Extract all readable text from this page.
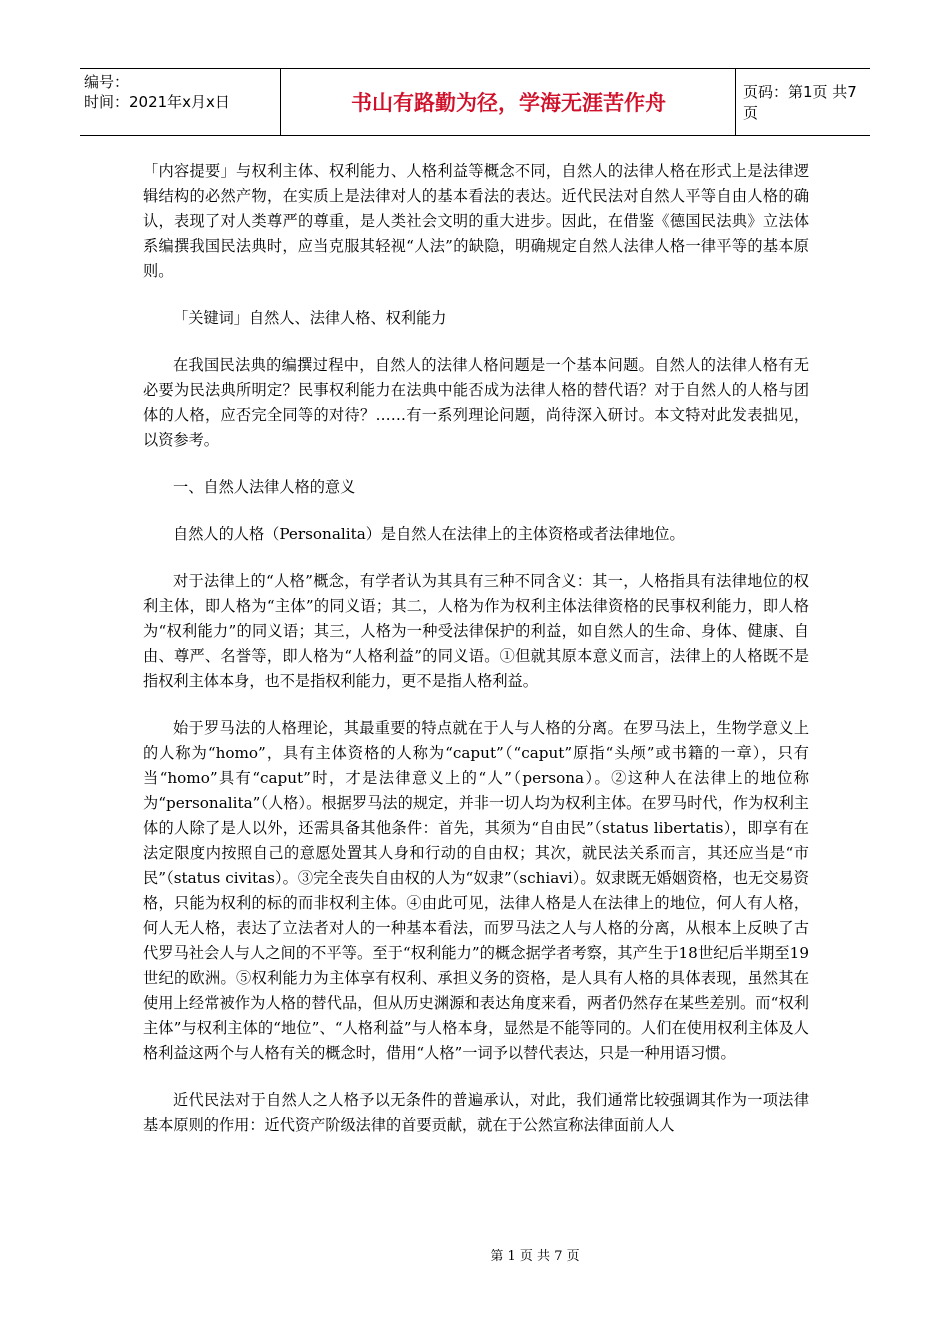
编号：
时间：2021年x月x日	书山有路勤为径，学海无涯苦作舟	页码：第1页 共7页

「内容提要」与权利主体、权利能力、人格利益等概念不同，自然人的法律人格在形式上是法律逻辑结构的必然产物，在实质上是法律对人的基本看法的表达。近代民法对自然人平等自由人格的确认，表现了对人类尊严的尊重，是人类社会文明的重大进步。因此，在借鉴《德国民法典》立法体系编撰我国民法典时，应当克服其轻视“人法”的缺隐，明确规定自然人法律人格一律平等的基本原则。

「关键词」自然人、法律人格、权利能力

在我国民法典的编撰过程中，自然人的法律人格问题是一个基本问题。自然人的法律人格有无必要为民法典所明定？民事权利能力在法典中能否成为法律人格的替代语？对于自然人的人格与团体的人格，应否完全同等的对待？……有一系列理论问题，尚待深入研讨。本文特对此发表拙见，以资参考。

一、自然人法律人格的意义

自然人的人格（Personalita）是自然人在法律上的主体资格或者法律地位。

对于法律上的“人格”概念，有学者认为其具有三种不同含义：其一，人格指具有法律地位的权利主体，即人格为“主体”的同义语；其二，人格为作为权利主体法律资格的民事权利能力，即人格为“权利能力”的同义语；其三，人格为一种受法律保护的利益，如自然人的生命、身体、健康、自由、尊严、名誉等，即人格为“人格利益”的同义语。①但就其原本意义而言，法律上的人格既不是指权利主体本身，也不是指权利能力，更不是指人格利益。

始于罗马法的人格理论，其最重要的特点就在于人与人格的分离。在罗马法上，生物学意义上的人称为“homo”，具有主体资格的人称为“caput”（“caput”原指“头颅”或书籍的一章），只有当“homo”具有“caput”时，才是法律意义上的“人”（persona）。②这种人在法律上的地位称为“personalita”（人格）。根据罗马法的规定，并非一切人均为权利主体。在罗马时代，作为权利主体的人除了是人以外，还需具备其他条件：首先，其须为“自由民”（status libertatis），即享有在法定限度内按照自己的意愿处置其人身和行动的自由权；其次，就民法关系而言，其还应当是“市民”（status civitas）。③完全丧失自由权的人为“奴隶”（schiavi）。奴隶既无婚姻资格，也无交易资格，只能为权利的标的而非权利主体。④由此可见，法律人格是人在法律上的地位，何人有人格，何人无人格，表达了立法者对人的一种基本看法，而罗马法之人与人格的分离，从根本上反映了古代罗马社会人与人之间的不平等。至于“权利能力”的概念据学者考察，其产生于18世纪后半期至19世纪的欧洲。⑤权利能力为主体享有权利、承担义务的资格，是人具有人格的具体表现，虽然其在使用上经常被作为人格的替代品，但从历史渊源和表达角度来看，两者仍然存在某些差别。而“权利主体”与权利主体的“地位”、“人格利益”与人格本身，显然是不能等同的。人们在使用权利主体及人格利益这两个与人格有关的概念时，借用“人格”一词予以替代表达，只是一种用语习惯。

近代民法对于自然人之人格予以无条件的普遍承认，对此，我们通常比较强调其作为一项法律基本原则的作用：近代资产阶级法律的首要贡献，就在于公然宣称法律面前人人

第 1 页 共 7 页
